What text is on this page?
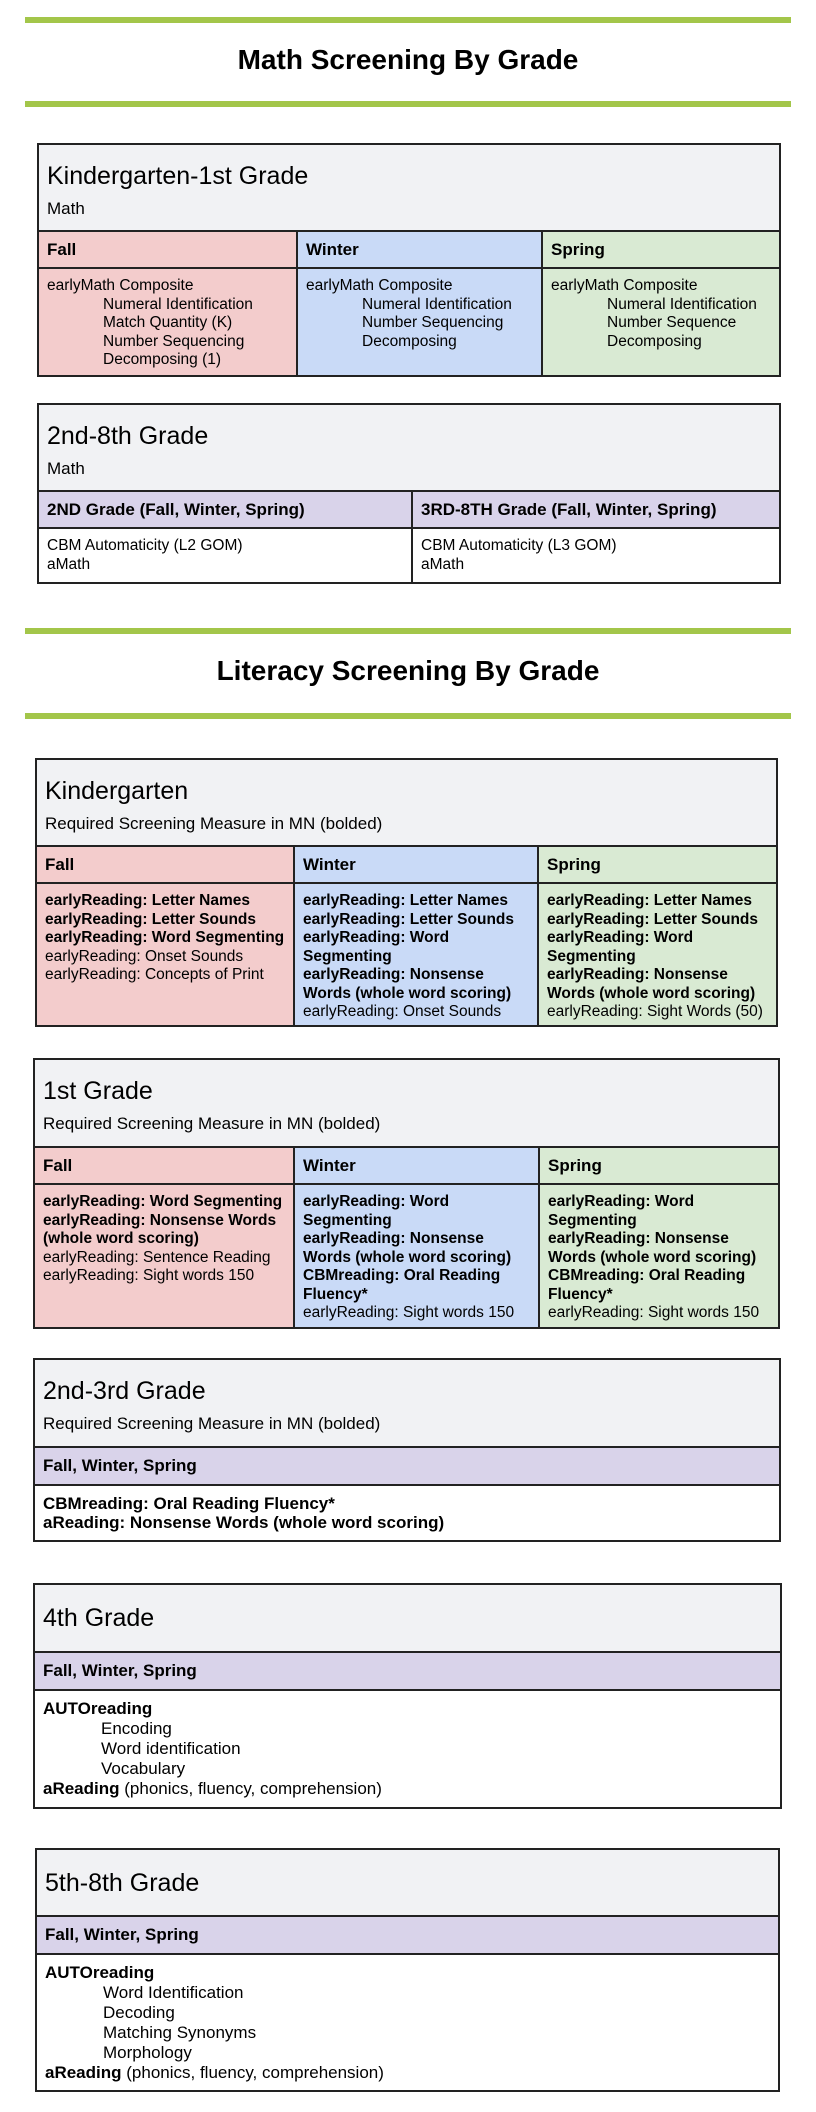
Math Screening By Grade
Kindergarten-1st Grade
Math
Fall
earlyMath Composite
Numeral Identification
Match Quantity (K)
Number Sequencing
Decomposing (1)
Winter
earlyMath Composite
Numeral Identification
Number Sequencing
Decomposing
Spring
earlyMath Composite
Numeral Identification
Number Sequence
Decomposing
2nd-8th Grade
Math
2ND Grade (Fall, Winter, Spring)
CBM Automaticity (L2 GOM)
aMath
3RD-8TH Grade (Fall, Winter, Spring)
CBM Automaticity (L3 GOM)
aMath
Literacy Screening By Grade
Kindergarten
Required Screening Measure in MN (bolded)
Fall
earlyReading: Letter Names
earlyReading: Letter Sounds
earlyReading: Word Segmenting
earlyReading: Onset Sounds
earlyReading: Concepts of Print
Winter
earlyReading: Letter Names
earlyReading: Letter Sounds
earlyReading: Word Segmenting
earlyReading: Nonsense Words (whole word scoring)
earlyReading: Onset Sounds
Spring
earlyReading: Letter Names
earlyReading: Letter Sounds
earlyReading: Word Segmenting
earlyReading: Nonsense Words (whole word scoring)
earlyReading: Sight Words (50)
1st Grade
Required Screening Measure in MN (bolded)
Fall
earlyReading: Word Segmenting
earlyReading: Nonsense Words (whole word scoring)
earlyReading: Sentence Reading
earlyReading: Sight words 150
Winter
earlyReading: Word Segmenting
earlyReading: Nonsense Words (whole word scoring)
CBMreading: Oral Reading Fluency*
earlyReading: Sight words 150
Spring
earlyReading: Word Segmenting
earlyReading: Nonsense Words (whole word scoring)
CBMreading: Oral Reading Fluency*
earlyReading: Sight words 150
2nd-3rd Grade
Required Screening Measure in MN (bolded)
Fall, Winter, Spring
CBMreading: Oral Reading Fluency*
aReading: Nonsense Words (whole word scoring)
4th Grade
Fall, Winter, Spring
AUTOreading
Encoding
Word identification
Vocabulary
aReading (phonics, fluency, comprehension)
5th-8th Grade
Fall, Winter, Spring
AUTOreading
Word Identification
Decoding
Matching Synonyms
Morphology
aReading (phonics, fluency, comprehension)
